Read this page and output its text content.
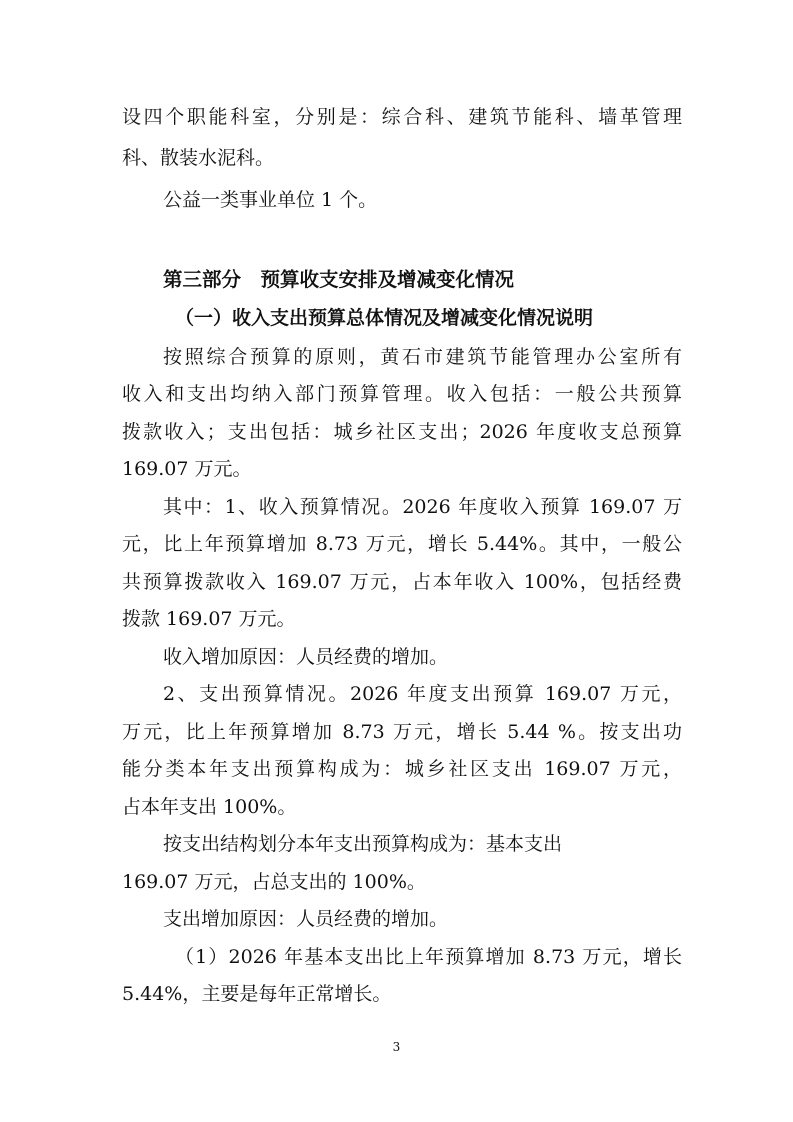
设四个职能科室，分别是：综合科、建筑节能科、墙革管理
科、散装水泥科。
公益一类事业单位 1 个。
第三部分　预算收支安排及增减变化情况
（一）收入支出预算总体情况及增减变化情况说明
按照综合预算的原则，黄石市建筑节能管理办公室所有
收入和支出均纳入部门预算管理。收入包括：一般公共预算
拨款收入；支出包括：城乡社区支出；2026 年度收支总预算
169.07 万元。
其中：1、收入预算情况。2026 年度收入预算 169.07 万
元，比上年预算增加 8.73 万元，增长 5.44%。其中，一般公
共预算拨款收入 169.07 万元，占本年收入 100%，包括经费
拨款 169.07 万元。
收入增加原因：人员经费的增加。
2、支出预算情况。2026 年度支出预算 169.07 万元，
万元，比上年预算增加 8.73 万元，增长 5.44 %。按支出功
能分类本年支出预算构成为：城乡社区支出 169.07 万元，
占本年支出 100%。
按支出结构划分本年支出预算构成为：基本支出
169.07 万元，占总支出的 100%。
支出增加原因：人员经费的增加。
（1）2026 年基本支出比上年预算增加 8.73 万元，增长
5.44%，主要是每年正常增长。
3
